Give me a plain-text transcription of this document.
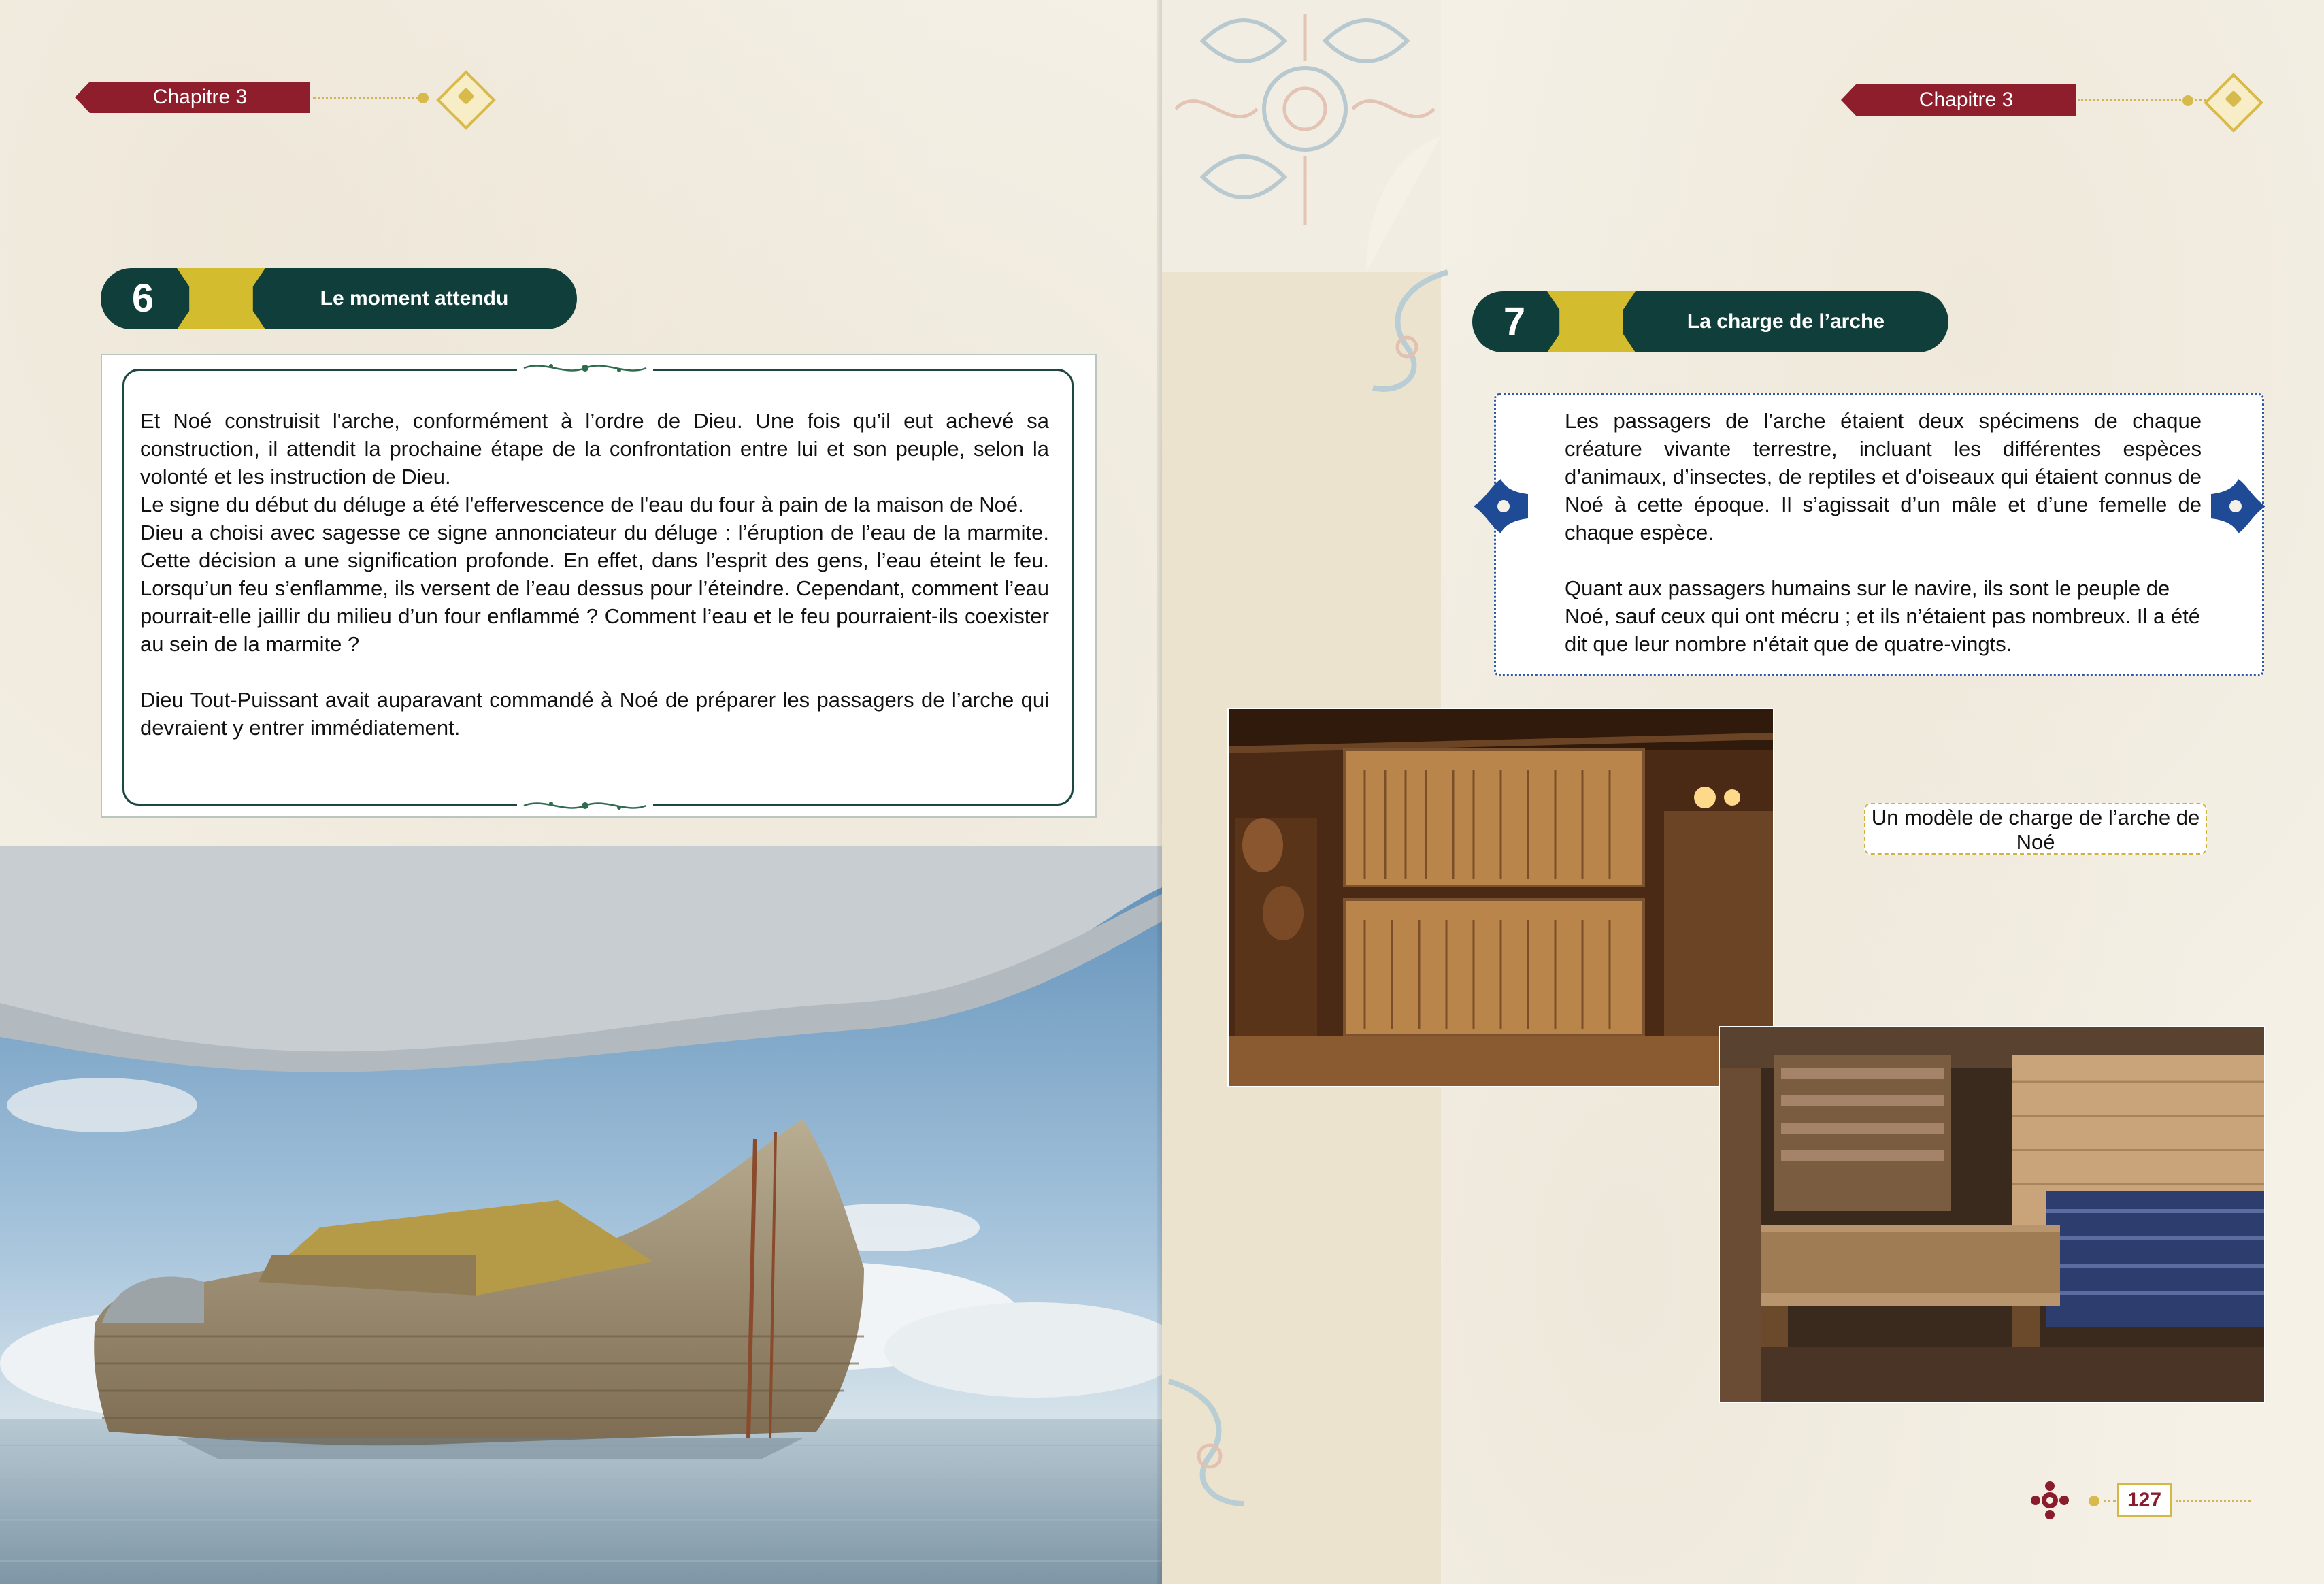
Chapitre 3
6	Le moment attendu

Et Noé construisit l'arche, conformément à l’ordre de Dieu. Une fois qu’il eut achevé sa construction, il attendit la prochaine étape de la confrontation entre lui et son peuple, selon la volonté et les instruction de Dieu.

Le signe du début du déluge a été l'effervescence de l'eau du four à pain de la maison de Noé.

Dieu a choisi avec sagesse ce signe annonciateur du déluge : l’éruption de l’eau de la marmite. Cette décision a une signification profonde. En effet, dans l’esprit des gens, l’eau éteint le feu. Lorsqu’un feu s’enflamme, ils versent de l’eau dessus pour l’éteindre. Cependant, comment l’eau pourrait-elle jaillir du milieu d’un four enflammé ? Comment l’eau et le feu pourraient-ils coexister au sein de la marmite ?

Dieu Tout-Puissant avait auparavant commandé à Noé de préparer les passagers de l’arche qui devraient y entrer immédiatement.

Chapitre 3
7	La charge de l’arche

Les passagers de l’arche étaient deux spécimens de chaque créature vivante terrestre, incluant les différentes espèces d’animaux, d’insectes, de reptiles et d’oiseaux qui étaient connus de Noé à cette époque. Il s’agissait d’un mâle et d’une femelle de chaque espèce.

Quant aux passagers humains sur le navire, ils sont le peuple de Noé, sauf ceux qui ont mécru ; et ils n’étaient pas nombreux. Il a été dit que leur nombre n'était que de quatre-vingts.

Un modèle de charge de l’arche de Noé
127
